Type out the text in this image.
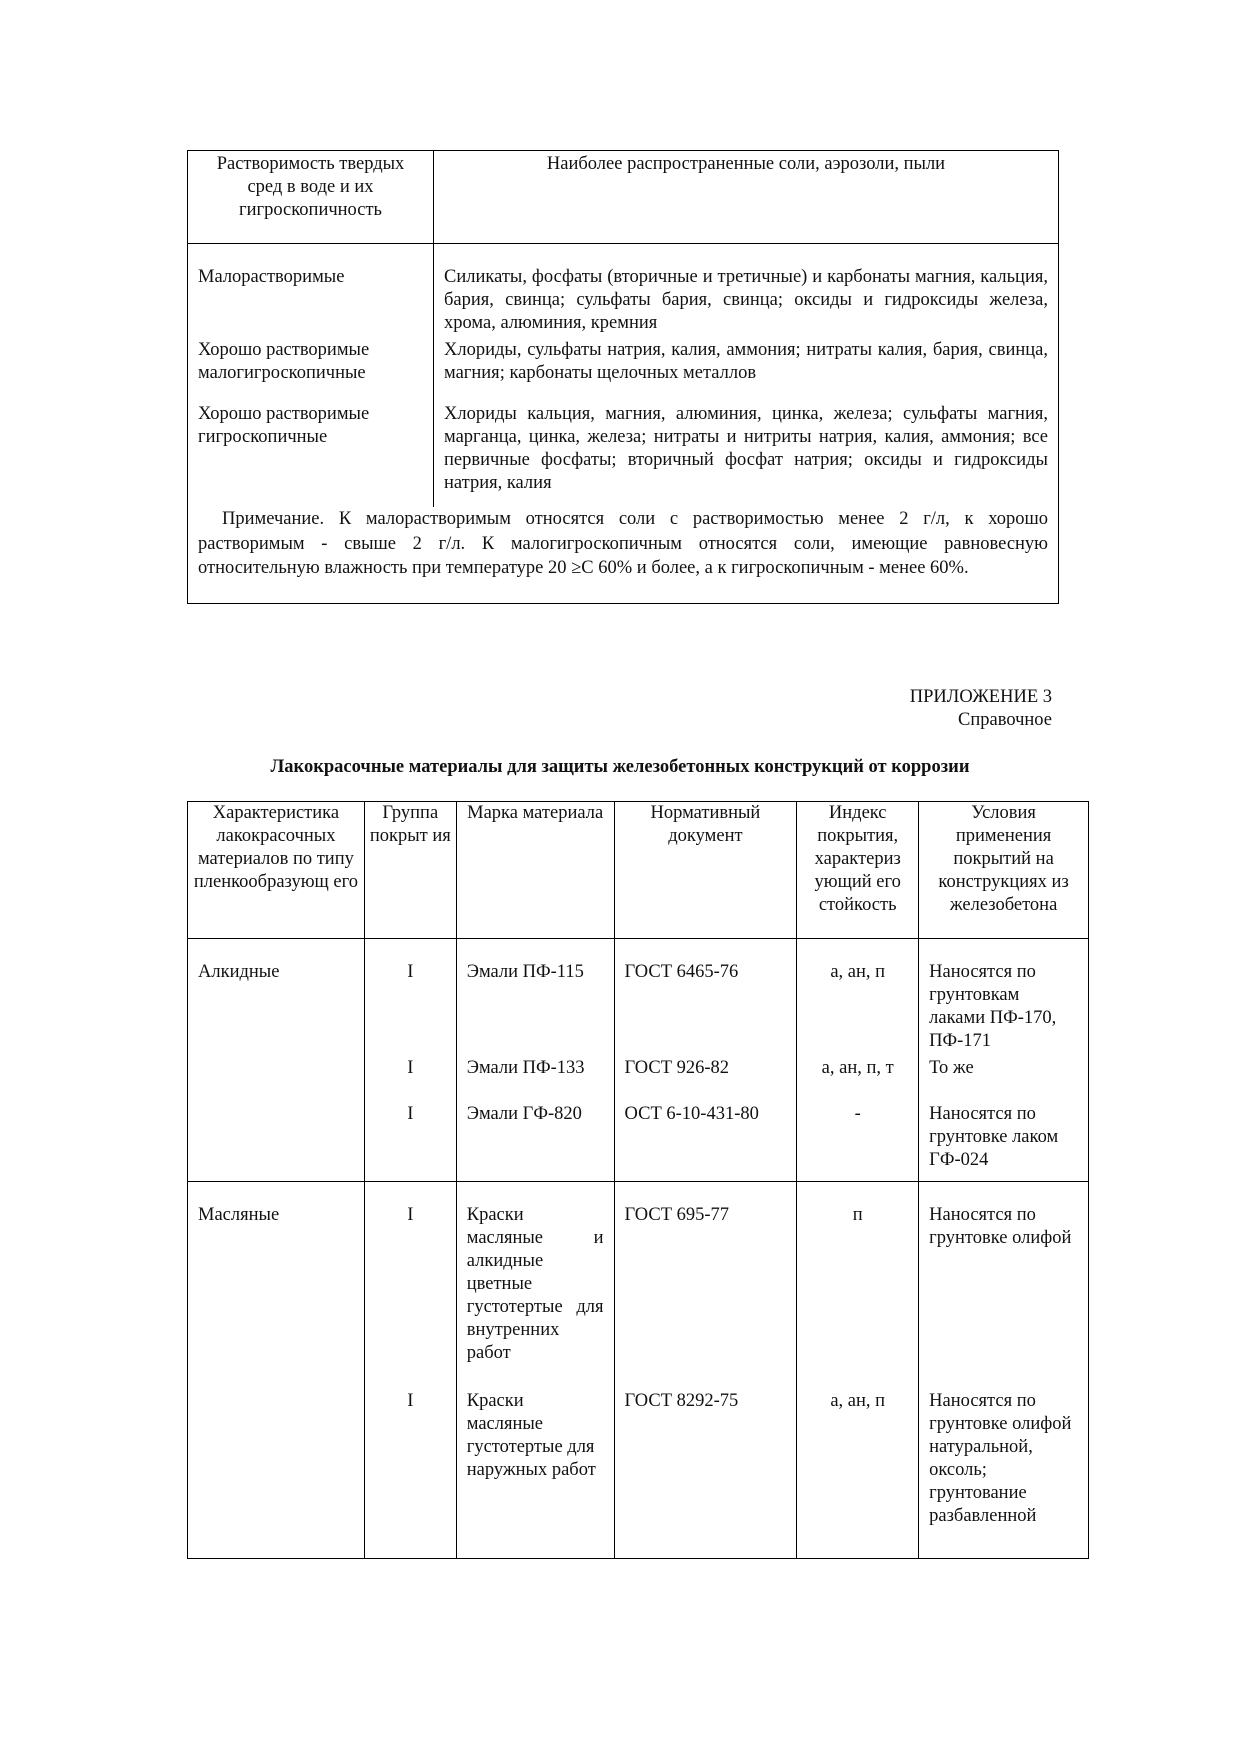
Растворимость твердых сред в воде и их гигроскопичность	Наиболее распространенные соли, аэрозоли, пыли
Малорастворимые	Силикаты, фосфаты (вторичные и третичные) и карбонаты магния, кальция, бария, свинца; сульфаты бария, свинца; оксиды и гидроксиды железа, хрома, алюминия, кремния
Хорошо растворимые малогигроскопичные	Хлориды, сульфаты натрия, калия, аммония; нитраты калия, бария, свинца, магния; карбонаты щелочных металлов
Хорошо растворимые гигроскопичные	Хлориды кальция, магния, алюминия, цинка, железа; сульфаты магния, марганца, цинка, железа; нитраты и нитриты натрия, калия, аммония; все первичные фосфаты; вторичный фосфат натрия; оксиды и гидроксиды натрия, калия
Примечание. К малорастворимым относятся соли с растворимостью менее 2 г/л, к хорошо растворимым - свыше 2 г/л. К малогигроскопичным относятся соли, имеющие равновесную относительную влажность при температуре 20 ≥С 60% и более, а к гигроскопичным - менее 60%.	
ПРИЛОЖЕНИЕ 3
Справочное
Лакокрасочные материалы для защиты железобетонных конструкций от коррозии
Характеристика лакокрасочных материалов по типу пленкообразующ его	Группа покрыт ия	Марка материала	Нормативный документ	Индекс покрытия, характериз ующий его стойкость	Условия применения покрытий на конструкциях из железобетона
Алкидные	I	Эмали ПФ-115	ГОСТ 6465-76	а, ан, п	Наносятся по грунтовкам лаками ПФ-170, ПФ-171
	I	Эмали ПФ-133	ГОСТ 926-82	а, ан, п, т	То же
	I	Эмали ГФ-820	ОСТ 6-10-431-80	-	Наносятся по грунтовке лаком ГФ-024
Масляные	I	Краски масляные и алкидные цветные густотертые для внутренних работ	ГОСТ 695-77	п	Наносятся по грунтовке олифой
	I	Краски масляные густотертые для наружных работ	ГОСТ 8292-75	а, ан, п	Наносятся по грунтовке олифой натуральной, оксоль; грунтование разбавленной
